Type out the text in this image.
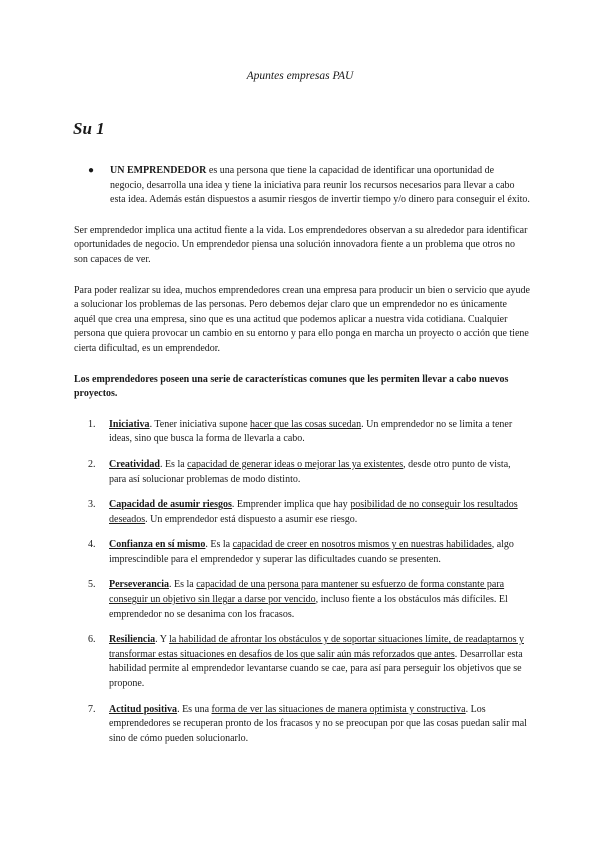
Apuntes empresas PAU
Su 1
●	UN EMPRENDEDOR es una persona que tiene la capacidad de identificar una oportunidad de negocio, desarrolla una idea y tiene la iniciativa para reunir los recursos necesarios para llevar a cabo esta idea. Además están dispuestos a asumir riesgos de invertir tiempo y/o dinero para conseguir el éxito.

Ser emprendedor implica una actitud fiente a la vida. Los emprendedores observan a su alrededor para identificar oportunidades de negocio. Un emprendedor piensa una solución innovadora fiente a un problema que otros no son capaces de ver.

Para poder realizar su idea, muchos emprendedores crean una empresa para producir un bien o servicio que ayude a solucionar los problemas de las personas. Pero debemos dejar claro que un emprendedor no es únicamente aquél que crea una empresa, sino que es una actitud que podemos aplicar a nuestra vida cotidiana. Cualquier persona que quiera provocar un cambio en su entorno y para ello ponga en marcha un proyecto o acción que tiene cierta dificultad, es un emprendedor.

Los emprendedores poseen una serie de características comunes que les permiten llevar a cabo nuevos proyectos.

1.	Iniciativa. Tener iniciativa supone hacer que las cosas sucedan. Un emprendedor no se limita a tener ideas, sino que busca la forma de llevarla a cabo.
2.	Creatividad. Es la capacidad de generar ideas o mejorar las ya existentes, desde otro punto de vista, para así solucionar problemas de modo distinto.
3.	Capacidad de asumir riesgos. Emprender implica que hay posibilidad de no conseguir los resultados deseados. Un emprendedor está dispuesto a asumir ese riesgo.
4.	Confianza en sí mismo. Es la capacidad de creer en nosotros mismos y en nuestras habilidades, algo imprescindible para el emprendedor y superar las dificultades cuando se presenten.
5.	Perseverancia. Es la capacidad de una persona para mantener su esfuerzo de forma constante para conseguir un objetivo sin llegar a darse por vencido, incluso fiente a los obstáculos más difíciles. El emprendedor no se desanima con los fracasos.
6.	Resiliencia. Y la habilidad de afrontar los obstáculos y de soportar situaciones límite, de readaptarnos y transformar estas situaciones en desafíos de los que salir aún más reforzados que antes. Desarrollar esta habilidad permite al emprendedor levantarse cuando se cae, para así para perseguir los objetivos que se propone.
7.	Actitud positiva. Es una forma de ver las situaciones de manera optimista y constructiva. Los emprendedores se recuperan pronto de los fracasos y no se preocupan por que las cosas puedan salir mal sino de cómo pueden solucionarlo.
